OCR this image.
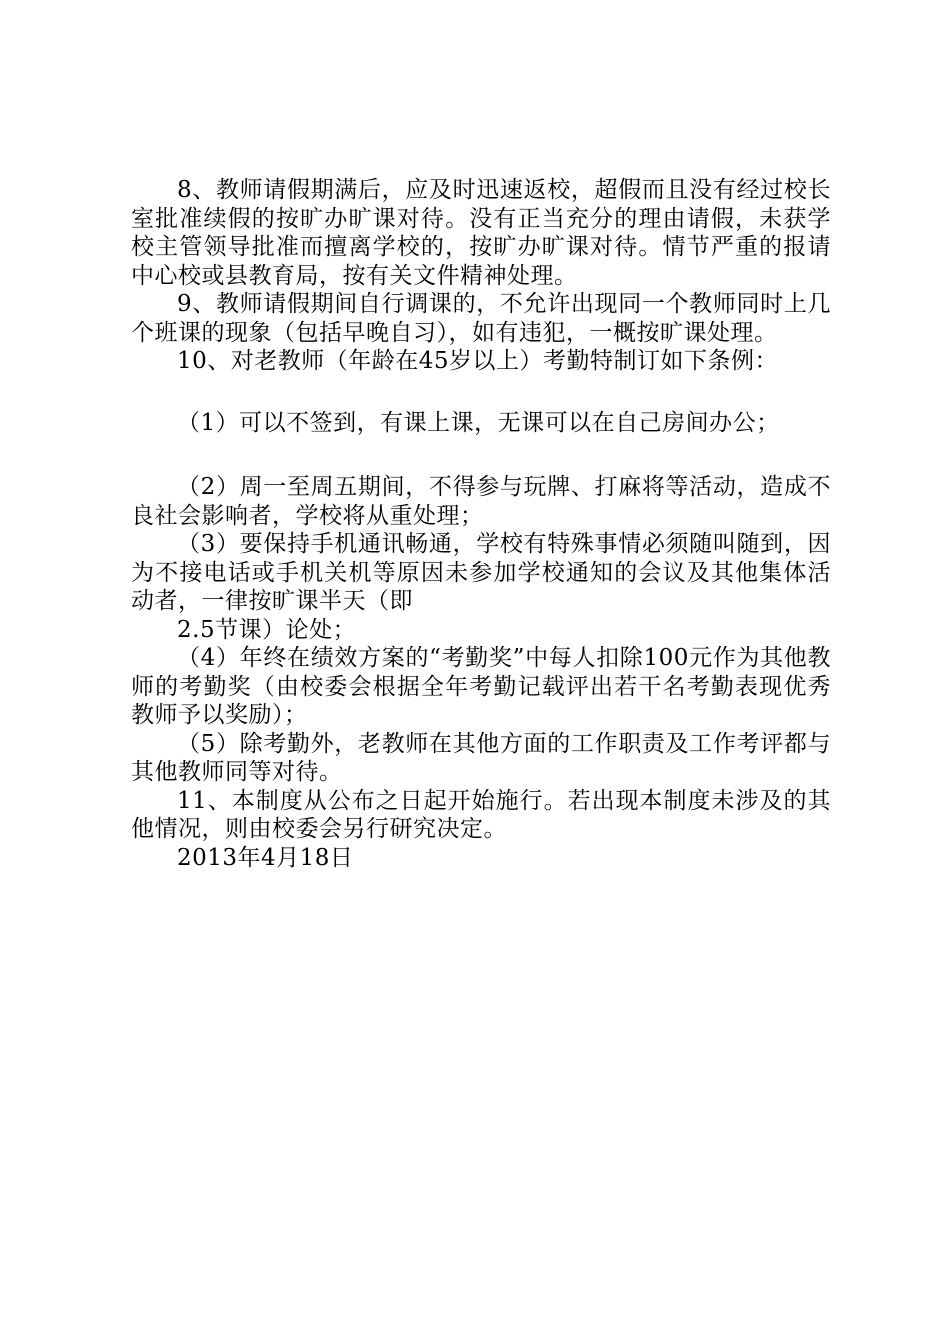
8、教师请假期满后，应及时迅速返校，超假而且没有经过校长室批准续假的按旷办旷课对待。没有正当充分的理由请假，未获学校主管领导批准而擅离学校的，按旷办旷课对待。情节严重的报请中心校或县教育局，按有关文件精神处理。

9、教师请假期间自行调课的，不允许出现同一个教师同时上几个班课的现象（包括早晚自习），如有违犯，一概按旷课处理。

10、对老教师（年龄在45岁以上）考勤特制订如下条例：

（1）可以不签到，有课上课，无课可以在自己房间办公；

（2）周一至周五期间，不得参与玩牌、打麻将等活动，造成不良社会影响者，学校将从重处理；

（3）要保持手机通讯畅通，学校有特殊事情必须随叫随到，因为不接电话或手机关机等原因未参加学校通知的会议及其他集体活动者，一律按旷课半天（即

2.5节课）论处；

（4）年终在绩效方案的“考勤奖”中每人扣除100元作为其他教师的考勤奖（由校委会根据全年考勤记载评出若干名考勤表现优秀教师予以奖励）；

（5）除考勤外，老教师在其他方面的工作职责及工作考评都与其他教师同等对待。

11、本制度从公布之日起开始施行。若出现本制度未涉及的其他情况，则由校委会另行研究决定。

2013年4月18日
